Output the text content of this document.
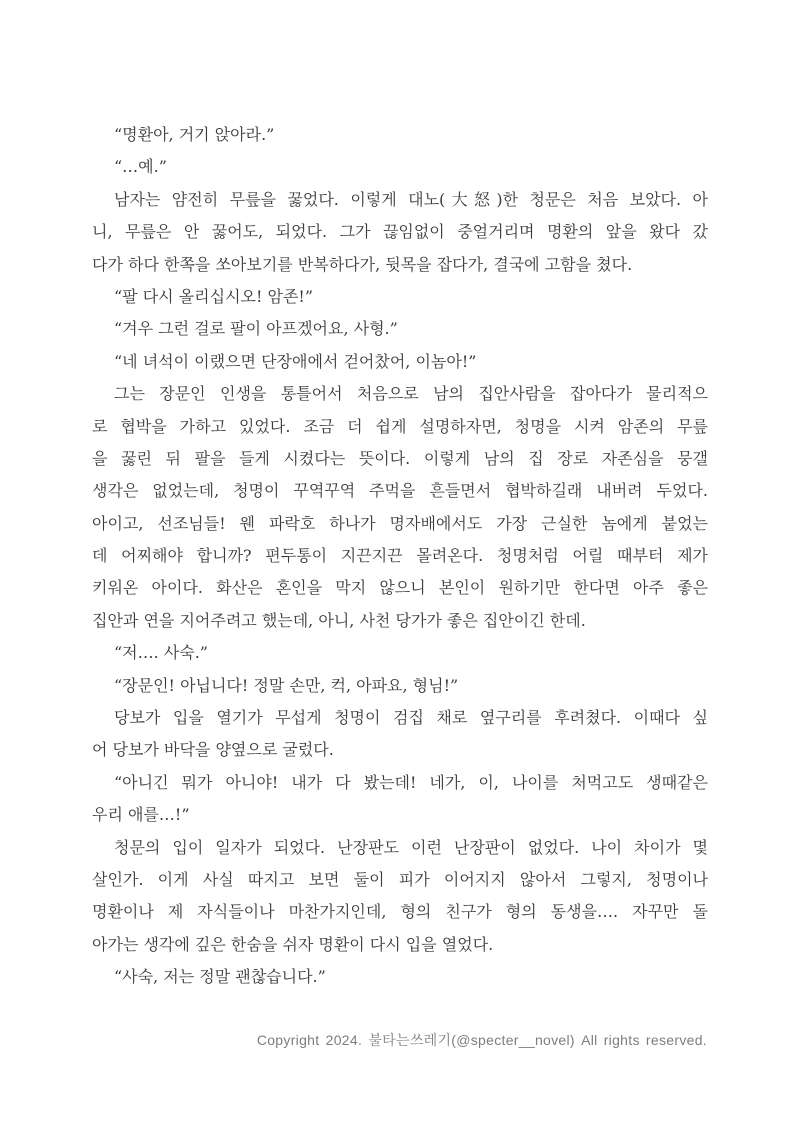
“명환아, 거기 앉아라.”
“…예.”
남자는 얌전히 무릎을 꿇었다. 이렇게 대노(大怒)한 청문은 처음 보았다. 아
니, 무릎은 안 꿇어도, 되었다. 그가 끊임없이 중얼거리며 명환의 앞을 왔다 갔
다가 하다 한쪽을 쏘아보기를 반복하다가, 뒷목을 잡다가, 결국에 고함을 쳤다.
“팔 다시 올리십시오! 암존!”
“겨우 그런 걸로 팔이 아프겠어요, 사형.”
“네 녀석이 이랬으면 단장애에서 걷어찼어, 이놈아!”
그는 장문인 인생을 통틀어서 처음으로 남의 집안사람을 잡아다가 물리적으
로 협박을 가하고 있었다. 조금 더 쉽게 설명하자면, 청명을 시켜 암존의 무릎
을 꿇린 뒤 팔을 들게 시켰다는 뜻이다. 이렇게 남의 집 장로 자존심을 뭉갤
생각은 없었는데, 청명이 꾸역꾸역 주먹을 흔들면서 협박하길래 내버려 두었다.
아이고, 선조님들! 웬 파락호 하나가 명자배에서도 가장 근실한 놈에게 붙었는
데 어찌해야 합니까? 편두통이 지끈지끈 몰려온다. 청명처럼 어릴 때부터 제가
키워온 아이다. 화산은 혼인을 막지 않으니 본인이 원하기만 한다면 아주 좋은
집안과 연을 지어주려고 했는데, 아니, 사천 당가가 좋은 집안이긴 한데.
“저…. 사숙.”
“장문인! 아닙니다! 정말 손만, 컥, 아파요, 형님!”
당보가 입을 열기가 무섭게 청명이 검집 채로 옆구리를 후려쳤다. 이때다 싶
어 당보가 바닥을 양옆으로 굴렀다.
“아니긴 뭐가 아니야! 내가 다 봤는데! 네가, 이, 나이를 처먹고도 생때같은
우리 애를…!”
청문의 입이 일자가 되었다. 난장판도 이런 난장판이 없었다. 나이 차이가 몇
살인가. 이게 사실 따지고 보면 둘이 피가 이어지지 않아서 그렇지, 청명이나
명환이나 제 자식들이나 마찬가지인데, 형의 친구가 형의 동생을…. 자꾸만 돌
아가는 생각에 깊은 한숨을 쉬자 명환이 다시 입을 열었다.
“사숙, 저는 정말 괜찮습니다.”
Copyright 2024. 불타는쓰레기(@specter__novel) All rights reserved.
